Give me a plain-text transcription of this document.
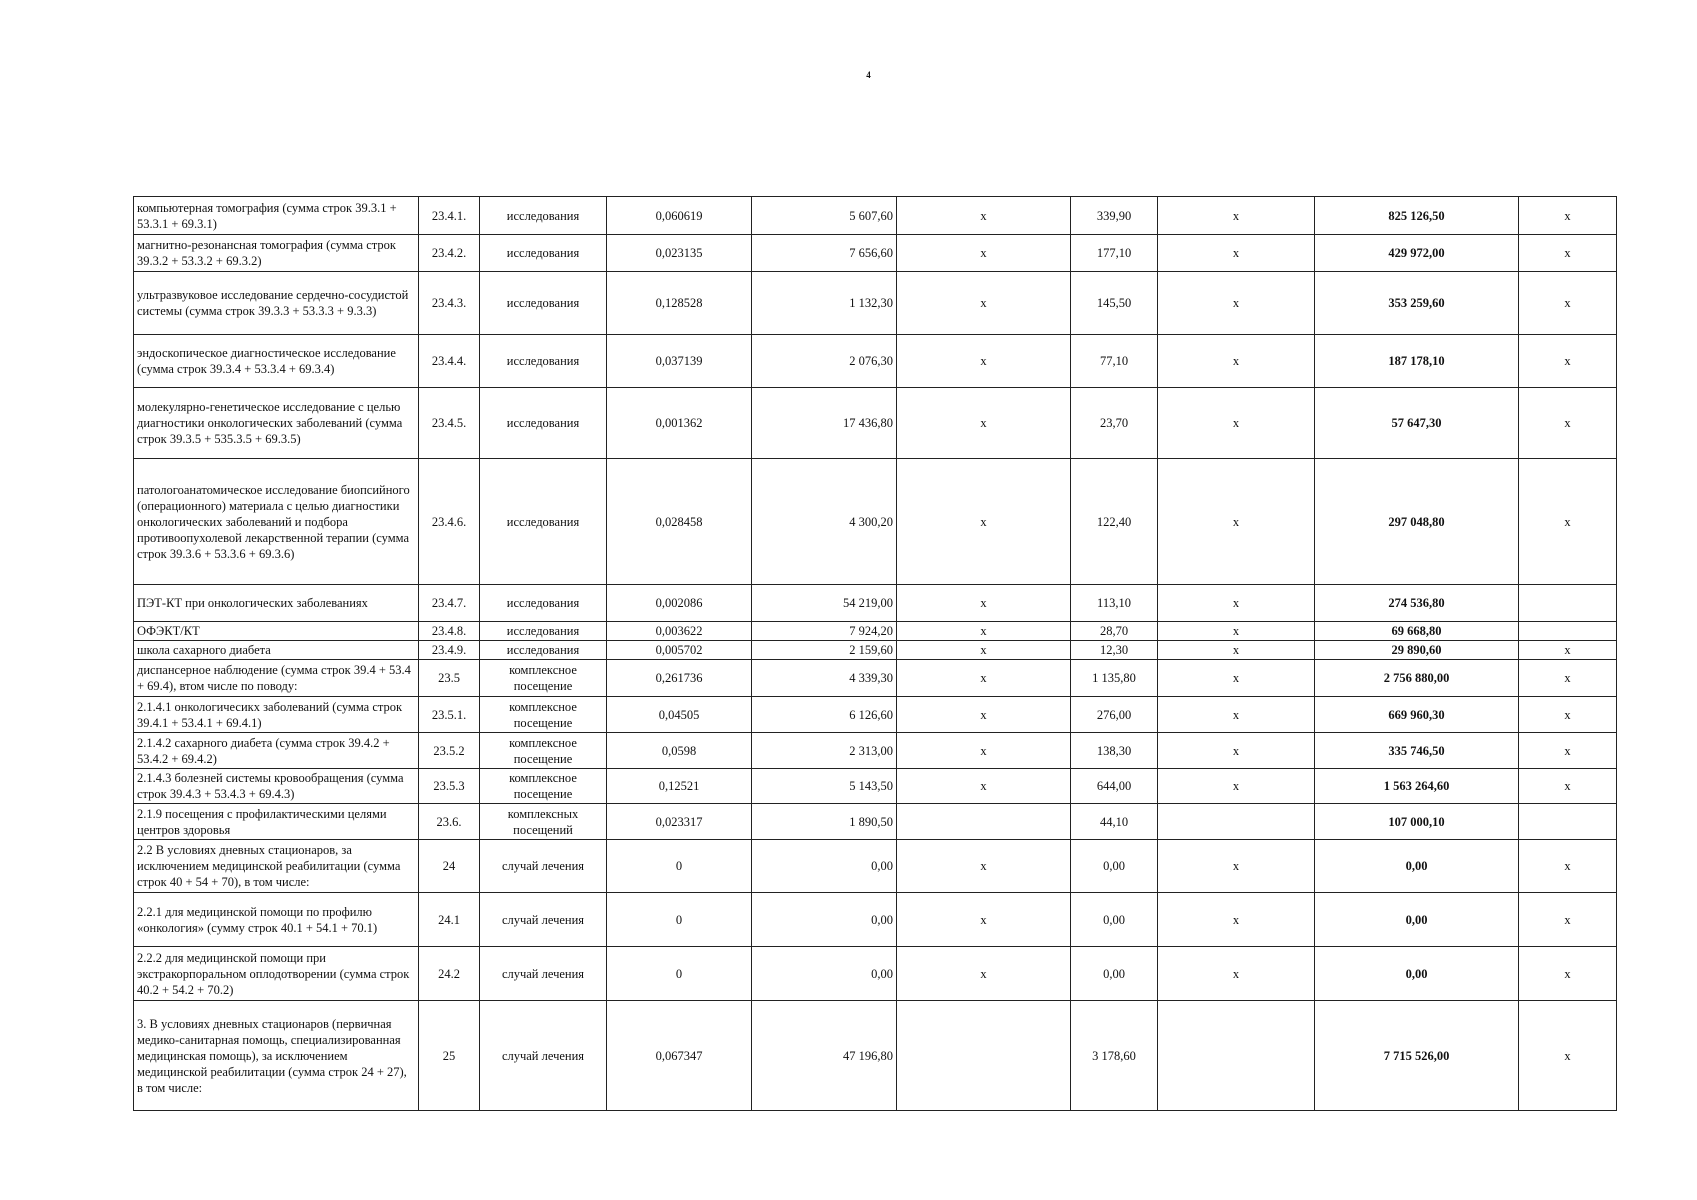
4
компьютерная томография (сумма строк 39.3.1 + 53.3.1 + 69.3.1)	23.4.1.	исследования	0,060619	5 607,60	х	339,90	х	825 126,50	х
магнитно-резонансная томография (сумма строк 39.3.2 + 53.3.2 + 69.3.2)	23.4.2.	исследования	0,023135	7 656,60	х	177,10	х	429 972,00	х
ультразвуковое исследование сердечно-сосудистой системы (сумма строк 39.3.3 + 53.3.3 + 9.3.3)	23.4.3.	исследования	0,128528	1 132,30	х	145,50	х	353 259,60	х
эндоскопическое диагностическое исследование (сумма строк 39.3.4 + 53.3.4 + 69.3.4)	23.4.4.	исследования	0,037139	2 076,30	х	77,10	х	187 178,10	х
молекулярно-генетическое исследование с целью диагностики онкологических заболеваний (сумма строк 39.3.5 + 535.3.5 + 69.3.5)	23.4.5.	исследования	0,001362	17 436,80	х	23,70	х	57 647,30	х
патологоанатомическое исследование биопсийного (операционного) материала с целью диагностики онкологических заболеваний и подбора противоопухолевой лекарственной терапии (сумма строк 39.3.6 + 53.3.6 + 69.3.6)	23.4.6.	исследования	0,028458	4 300,20	х	122,40	х	297 048,80	х
ПЭТ-КТ при онкологических заболеваниях	23.4.7.	исследования	0,002086	54 219,00	х	113,10	х	274 536,80	
ОФЭКТ/КТ	23.4.8.	исследования	0,003622	7 924,20	х	28,70	х	69 668,80	
школа сахарного диабета	23.4.9.	исследования	0,005702	2 159,60	х	12,30	х	29 890,60	х
диспансерное наблюдение (сумма строк 39.4 + 53.4 + 69.4), втом числе по поводу:	23.5	комплексное посещение	0,261736	4 339,30	х	1 135,80	х	2 756 880,00	х
2.1.4.1 онкологичесикх заболеваний (сумма строк 39.4.1 + 53.4.1 + 69.4.1)	23.5.1.	комплексное посещение	0,04505	6 126,60	х	276,00	х	669 960,30	х
2.1.4.2 сахарного диабета (сумма строк 39.4.2 + 53.4.2 + 69.4.2)	23.5.2	комплексное посещение	0,0598	2 313,00	х	138,30	х	335 746,50	х
2.1.4.3 болезней системы кровообращения (сумма строк 39.4.3 + 53.4.3 + 69.4.3)	23.5.3	комплексное посещение	0,12521	5 143,50	х	644,00	х	1 563 264,60	х
2.1.9 посещения с профилактическими целями центров здоровья	23.6.	комплексных посещений	0,023317	1 890,50		44,10		107 000,10	
2.2 В условиях дневных стационаров, за исключением медицинской реабилитации (сумма строк 40 + 54 + 70), в том числе:	24	случай лечения	0	0,00	х	0,00	х	0,00	х
2.2.1 для медицинской помощи по профилю «онкология» (сумму строк 40.1 + 54.1 + 70.1)	24.1	случай лечения	0	0,00	х	0,00	х	0,00	х
2.2.2 для медицинской помощи при экстракорпоральном оплодотворении (сумма строк 40.2 + 54.2 + 70.2)	24.2	случай лечения	0	0,00	х	0,00	х	0,00	х
3. В условиях дневных стационаров (первичная медико-санитарная помощь, специализированная медицинская помощь), за исключением медицинской реабилитации (сумма строк 24 + 27), в том числе:	25	случай лечения	0,067347	47 196,80		3 178,60		7 715 526,00	х
